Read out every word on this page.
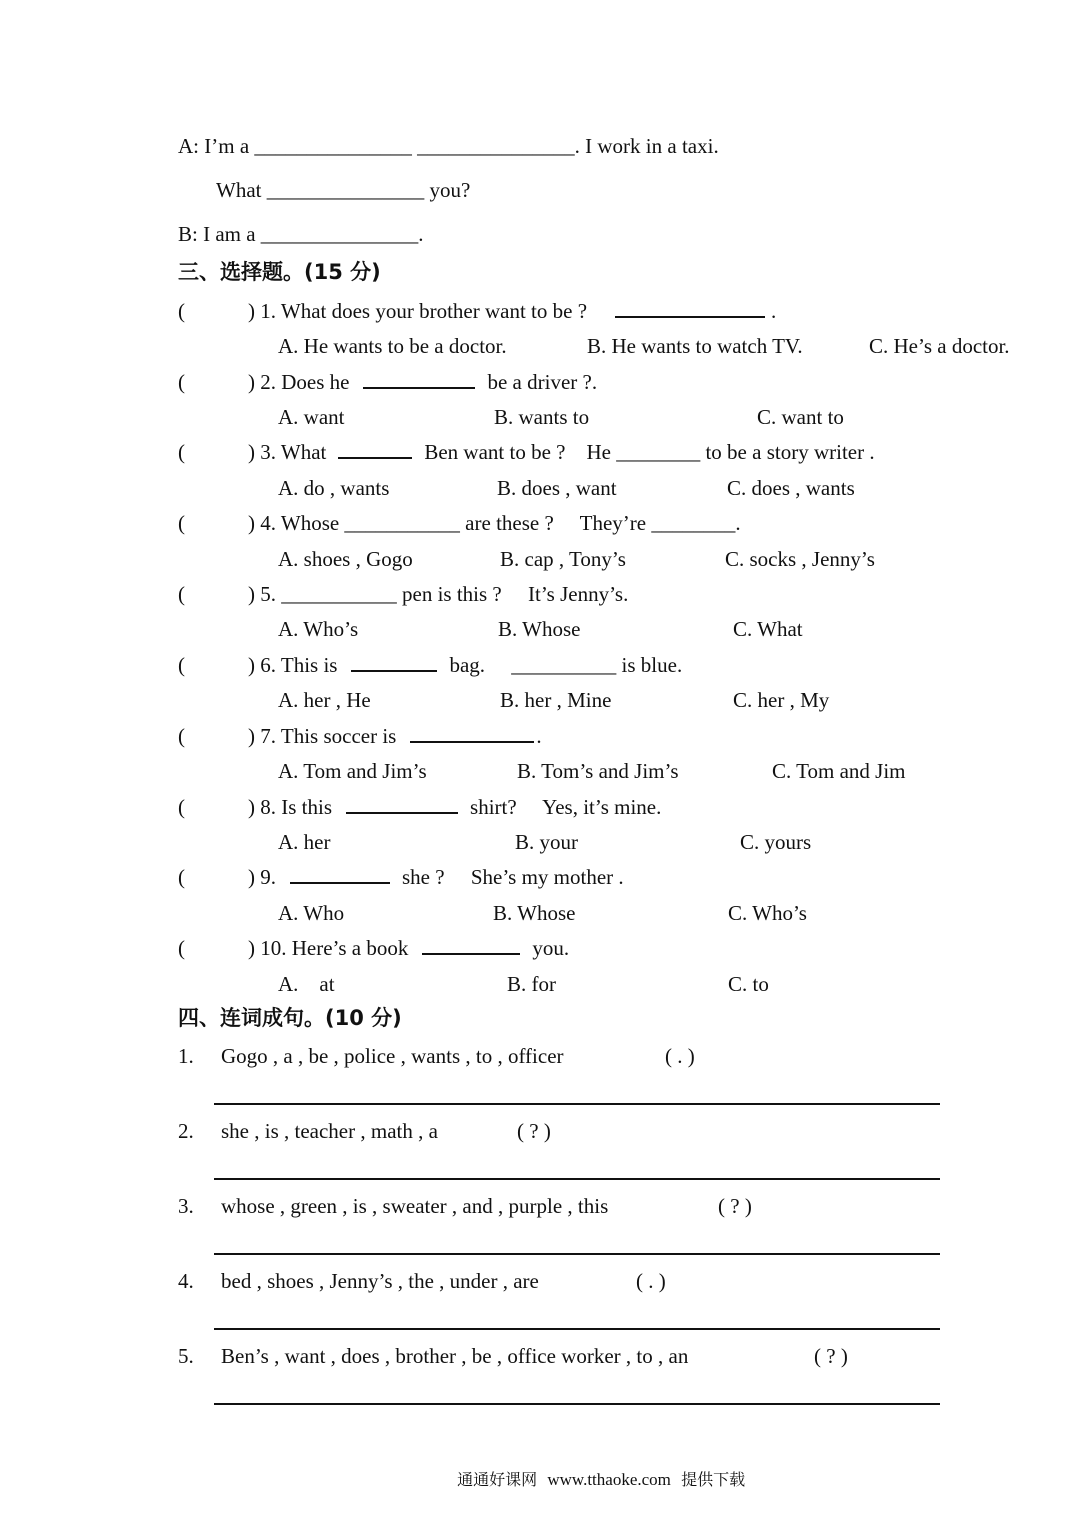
A: I’m a _______________ _______________. I work in a taxi.
What _______________ you?
B: I am a _______________.
三、选择题。(15 分)
(	) 1. What does your brother want to be ?	.
A. He wants to be a doctor.	B. He wants to watch TV.	C. He’s a doctor.
(	) 2. Does he	be a driver ?.
A. want	B. wants to	C. want to
(	) 3. What	Ben want to be ?    He ________ to be a story writer .
A. do , wants	B. does , want	C. does , wants
(	) 4. Whose ___________ are these ?     They’re ________.
A. shoes , Gogo	B. cap , Tony’s	C. socks , Jenny’s
(	) 5. ___________ pen is this ?     It’s Jenny’s.
A. Who’s	B. Whose	C. What
(	) 6. This is	bag.     __________ is blue.
A. her , He	B. her , Mine	C. her , My
(	) 7. This soccer is	.
A. Tom and Jim’s	B. Tom’s and Jim’s	C. Tom and Jim
(	) 8. Is this	shirt?     Yes, it’s mine.
A. her	B. your	C. yours
(	) 9.	she ?     She’s my mother .
A. Who	B. Whose	C. Who’s
(	) 10. Here’s a book	you.
A.    at	B. for	C. to
四、连词成句。(10 分)
1. Gogo , a , be , police , wants , to , officer	( . )
2. she , is , teacher , math , a	( ? )
3. whose , green , is , sweater , and , purple , this	( ? )
4. bed , shoes , Jenny’s , the , under , are	( . )
5. Ben’s , want , does , brother , be , office worker , to , an	( ? )

通通好课网 www.tthaoke.com 提供下载
